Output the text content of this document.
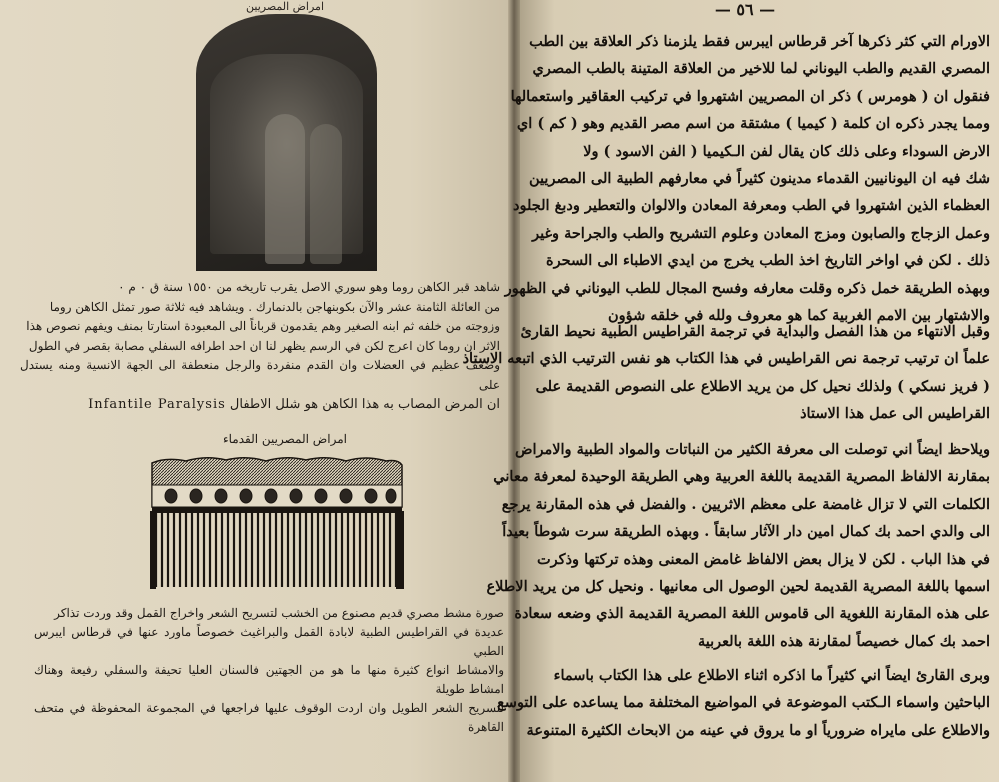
امراض المصريين
شاهد قبر الكاهن روما وهو سوري الاصل يقرب تاريخه من ١٥٥٠ سنة ق ٠ م ٠
من العائلة الثامنة عشر والآن بكوبنهاجن بالدنمارك . ويشاهد فيه ثلاثة صور تمثل الكاهن روما
وزوجته من خلفه ثم ابنه الصغير وهم يقدمون قرباناً الى المعبودة استارتا بمنف ويفهم نصوص هذا
الاثر ان روما كان اعرج لكن في الرسم يظهر لنا ان احد اطرافه السفلي مصابة بقصر في الطول
وضعف عظيم في العضلات وان القدم منفردة والرجل منعطفة الى الجهة الانسية ومنه يستدل على
Infantile Paralysis ان المرض المصاب به هذا الكاهن هو شلل الاطفال
امراض المصريين القدماء
صورة مشط مصري قديم مصنوع من الخشب لتسريح الشعر واخراج القمل وقد وردت تذاكر
عديدة في القراطيس الطبية لابادة القمل والبراغيث خصوصاً ماورد عنها في قرطاس ايبرس الطبي
والامشاط انواع كثيرة منها ما هو من الجهتين فالسنان العليا تحيفة والسفلي رفيعة وهناك امشاط طويلة
لتسريح الشعر الطويل وان اردت الوقوف عليها فراجعها في المجموعة المحفوظة في متحف القاهرة
— ٥٦ —
الاورام التي كثر ذكرها آخر قرطاس ايبرس فقط يلزمنا ذكر العلاقة بين الطب
المصري القديم والطب اليوناني لما للاخير من العلاقة المتينة بالطب المصري
فنقول ان ( هومرس ) ذكر ان المصريين اشتهروا في تركيب العقاقير واستعمالها
ومما يجدر ذكره ان كلمة ( كيميا ) مشتقة من اسم مصر القديم وهو ( كم ) اي
الارض السوداء وعلى ذلك كان يقال لفن الـكيميا ( الفن الاسود ) ولا
شك فيه ان اليونانيين القدماء مدينون كثيراً في معارفهم الطبية الى المصريين
العظماء الذين اشتهروا في الطب ومعرفة المعادن والالوان والتعطير ودبغ الجلود
وعمل الزجاج والصابون ومزج المعادن وعلوم التشريح والطب والجراحة وغير
ذلك . لكن في اواخر التاريخ اخذ الطب يخرج من ايدي الاطباء الى السحرة
وبهذه الطريقة خمل ذكره وقلت معارفه وفسح المجال للطب اليوناني في الظهور
والاشتهار بين الامم الغربية كما هو معروف ولله في خلقه شؤون
وقبل الانتهاء من هذا الفصل والبداية في ترجمة القراطيس الطبية نحيط القارئ
علماً ان ترتيب ترجمة نص القراطيس في هذا الكتاب هو نفس الترتيب الذي اتبعه الاستاذ
( فريز نسكي ) ولذلك نحيل كل من يريد الاطلاع على النصوص القديمة على
القراطيس الى عمل هذا الاستاذ
ويلاحظ ايضاً اني توصلت الى معرفة الكثير من النباتات والمواد الطبية والامراض
بمقارنة الالفاظ المصرية القديمة باللغة العربية وهي الطريقة الوحيدة لمعرفة معاني
الكلمات التي لا تزال غامضة على معظم الاثريين . والفضل في هذه المقارنة يرجع
الى والدي احمد بك كمال امين دار الآثار سابقاً . وبهذه الطريقة سرت شوطاً بعيداً
في هذا الباب . لكن لا يزال بعض الالفاظ غامض المعنى وهذه تركتها وذكرت
اسمها باللغة المصرية القديمة لحين الوصول الى معانيها . ونحيل كل من يريد الاطلاع
على هذه المقارنة اللغوية الى قاموس اللغة المصرية القديمة الذي وضعه سعادة
احمد بك كمال خصيصاً لمقارنة هذه اللغة بالعربية
وبرى القارئ ايضاً اني كثيراً ما اذكره اثناء الاطلاع على هذا الكتاب باسماء
الباحثين واسماء الـكتب الموضوعة في المواضيع المختلفة مما يساعده على التوسع
والاطلاع على مايراه ضرورياً او ما يروق في عينه من الابحاث الكثيرة المتنوعة
